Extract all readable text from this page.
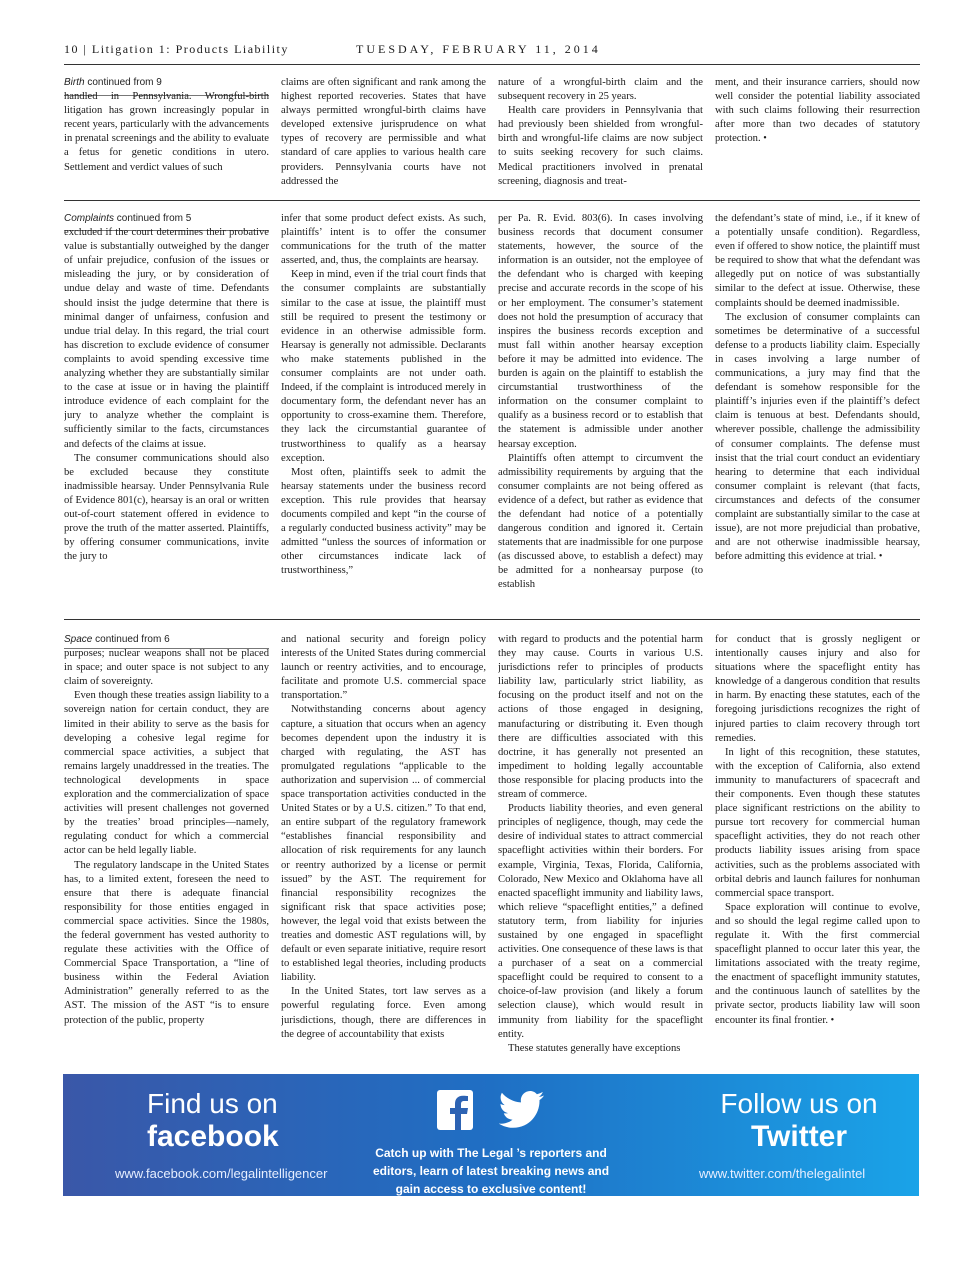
10 | Litigation 1: Products Liability	TUESDAY, FEBRUARY 11, 2014

Birth continued from 9

handled in Pennsylvania. Wrongful-birth litigation has grown increasingly popular in recent years, particularly with the advancements in prenatal screenings and the ability to evaluate a fetus for genetic conditions in utero. Settlement and verdict values of such

claims are often significant and rank among the highest reported recoveries. States that have always permitted wrongful-birth claims have developed extensive jurisprudence on what types of recovery are permissible and what standard of care applies to various health care providers. Pennsylvania courts have not addressed the

nature of a wrongful-birth claim and the subsequent recovery in 25 years.

Health care providers in Pennsylvania that had previously been shielded from wrongful-birth and wrongful-life claims are now subject to suits seeking recovery for such claims. Medical practitioners involved in prenatal screening, diagnosis and treat-

ment, and their insurance carriers, should now well consider the potential liability associated with such claims following their resurrection after more than two decades of statutory protection. •

Complaints continued from 5

excluded if the court determines their probative value is substantially outweighed by the danger of unfair prejudice, confusion of the issues or misleading the jury, or by consideration of undue delay and waste of time. Defendants should insist the judge determine that there is minimal danger of unfairness, confusion and undue trial delay. In this regard, the trial court has discretion to exclude evidence of consumer complaints to avoid spending excessive time analyzing whether they are substantially similar to the case at issue or in having the plaintiff introduce evidence of each complaint for the jury to analyze whether the complaint is sufficiently similar to the facts, circumstances and defects of the claims at issue.

The consumer communications should also be excluded because they constitute inadmissible hearsay. Under Pennsylvania Rule of Evidence 801(c), hearsay is an oral or written out-of-court statement offered in evidence to prove the truth of the matter asserted. Plaintiffs, by offering consumer communications, invite the jury to

infer that some product defect exists. As such, plaintiffs’ intent is to offer the consumer communications for the truth of the matter asserted, and, thus, the complaints are hearsay.

Keep in mind, even if the trial court finds that the consumer complaints are substantially similar to the case at issue, the plaintiff must still be required to present the testimony or evidence in an otherwise admissible form. Hearsay is generally not admissible. Declarants who make statements published in the consumer complaints are not under oath. Indeed, if the complaint is introduced merely in documentary form, the defendant never has an opportunity to cross-examine them. Therefore, they lack the circumstantial guarantee of trustworthiness to qualify as a hearsay exception.

Most often, plaintiffs seek to admit the hearsay statements under the business record exception. This rule provides that hearsay documents compiled and kept “in the course of a regularly conducted business activity” may be admitted “unless the sources of information or other circumstances indicate lack of trustworthiness,”

per Pa. R. Evid. 803(6). In cases involving business records that document consumer statements, however, the source of the information is an outsider, not the employee of the defendant who is charged with keeping precise and accurate records in the scope of his or her employment. The consumer’s statement does not hold the presumption of accuracy that inspires the business records exception and must fall within another hearsay exception before it may be admitted into evidence. The burden is again on the plaintiff to establish the circumstantial trustworthiness of the information on the consumer complaint to qualify as a business record or to establish that the statement is admissible under another hearsay exception.

Plaintiffs often attempt to circumvent the admissibility requirements by arguing that the consumer complaints are not being offered as evidence of a defect, but rather as evidence that the defendant had notice of a potentially dangerous condition and ignored it. Certain statements that are inadmissible for one purpose (as discussed above, to establish a defect) may be admitted for a nonhearsay purpose (to establish

the defendant’s state of mind, i.e., if it knew of a potentially unsafe condition). Regardless, even if offered to show notice, the plaintiff must be required to show that what the defendant was allegedly put on notice of was substantially similar to the defect at issue. Otherwise, these complaints should be deemed inadmissible.

The exclusion of consumer complaints can sometimes be determinative of a successful defense to a products liability claim. Especially in cases involving a large number of communications, a jury may find that the defendant is somehow responsible for the plaintiff’s injuries even if the plaintiff’s defect claim is tenuous at best. Defendants should, wherever possible, challenge the admissibility of consumer complaints. The defense must insist that the trial court conduct an evidentiary hearing to determine that each individual consumer complaint is relevant (that facts, circumstances and defects of the consumer complaint are substantially similar to the case at issue), are not more prejudicial than probative, and are not otherwise inadmissible hearsay, before admitting this evidence at trial. •

Space continued from 6

purposes; nuclear weapons shall not be placed in space; and outer space is not subject to any claim of sovereignty.

Even though these treaties assign liability to a sovereign nation for certain conduct, they are limited in their ability to serve as the basis for developing a cohesive legal regime for commercial space activities, a subject that remains largely unaddressed in the treaties. The technological developments in space exploration and the commercialization of space activities will present challenges not governed by the treaties’ broad principles—namely, regulating conduct for which a commercial actor can be held legally liable.

The regulatory landscape in the United States has, to a limited extent, foreseen the need to ensure that there is adequate financial responsibility for those entities engaged in commercial space activities. Since the 1980s, the federal government has vested authority to regulate these activities with the Office of Commercial Space Transportation, a “line of business within the Federal Aviation Administration” generally referred to as the AST. The mission of the AST “is to ensure protection of the public, property

and national security and foreign policy interests of the United States during commercial launch or reentry activities, and to encourage, facilitate and promote U.S. commercial space transportation.”

Notwithstanding concerns about agency capture, a situation that occurs when an agency becomes dependent upon the industry it is charged with regulating, the AST has promulgated regulations “applicable to the authorization and supervision ... of commercial space transportation activities conducted in the United States or by a U.S. citizen.” To that end, an entire subpart of the regulatory framework “establishes financial responsibility and allocation of risk requirements for any launch or reentry authorized by a license or permit issued” by the AST. The requirement for financial responsibility recognizes the significant risk that space activities pose; however, the legal void that exists between the treaties and domestic AST regulations will, by default or even separate initiative, require resort to established legal theories, including products liability.

In the United States, tort law serves as a powerful regulating force. Even among jurisdictions, though, there are differences in the degree of accountability that exists

with regard to products and the potential harm they may cause. Courts in various U.S. jurisdictions refer to principles of products liability law, particularly strict liability, as focusing on the product itself and not on the actions of those engaged in designing, manufacturing or distributing it. Even though there are difficulties associated with this doctrine, it has generally not presented an impediment to holding legally accountable those responsible for placing products into the stream of commerce.

Products liability theories, and even general principles of negligence, though, may cede the desire of individual states to attract commercial spaceflight activities within their borders. For example, Virginia, Texas, Florida, California, Colorado, New Mexico and Oklahoma have all enacted spaceflight immunity and liability laws, which relieve “spaceflight entities,” a defined statutory term, from liability for injuries sustained by one engaged in spaceflight activities. One consequence of these laws is that a purchaser of a seat on a commercial spaceflight could be required to consent to a choice-of-law provision (and likely a forum selection clause), which would result in immunity from liability for the spaceflight entity.

These statutes generally have exceptions

for conduct that is grossly negligent or intentionally causes injury and also for situations where the spaceflight entity has knowledge of a dangerous condition that results in harm. By enacting these statutes, each of the foregoing jurisdictions recognizes the right of injured parties to claim recovery through tort remedies.

In light of this recognition, these statutes, with the exception of California, also extend immunity to manufacturers of spacecraft and their components. Even though these statutes place significant restrictions on the ability to pursue tort recovery for commercial human spaceflight activities, they do not reach other products liability issues arising from space activities, such as the problems associated with orbital debris and launch failures for nonhuman commercial space transport.

Space exploration will continue to evolve, and so should the legal regime called upon to regulate it. With the first commercial spaceflight planned to occur later this year, the limitations associated with the treaty regime, the enactment of spaceflight immunity statutes, and the continuous launch of satellites by the private sector, products liability law will soon encounter its final frontier. •

Find us on
facebook
www.facebook.com/legalintelligencer
Catch up with The Legal ’s reporters and editors, learn of latest breaking news and gain access to exclusive content!
Follow us on
Twitter
www.twitter.com/thelegalintel
